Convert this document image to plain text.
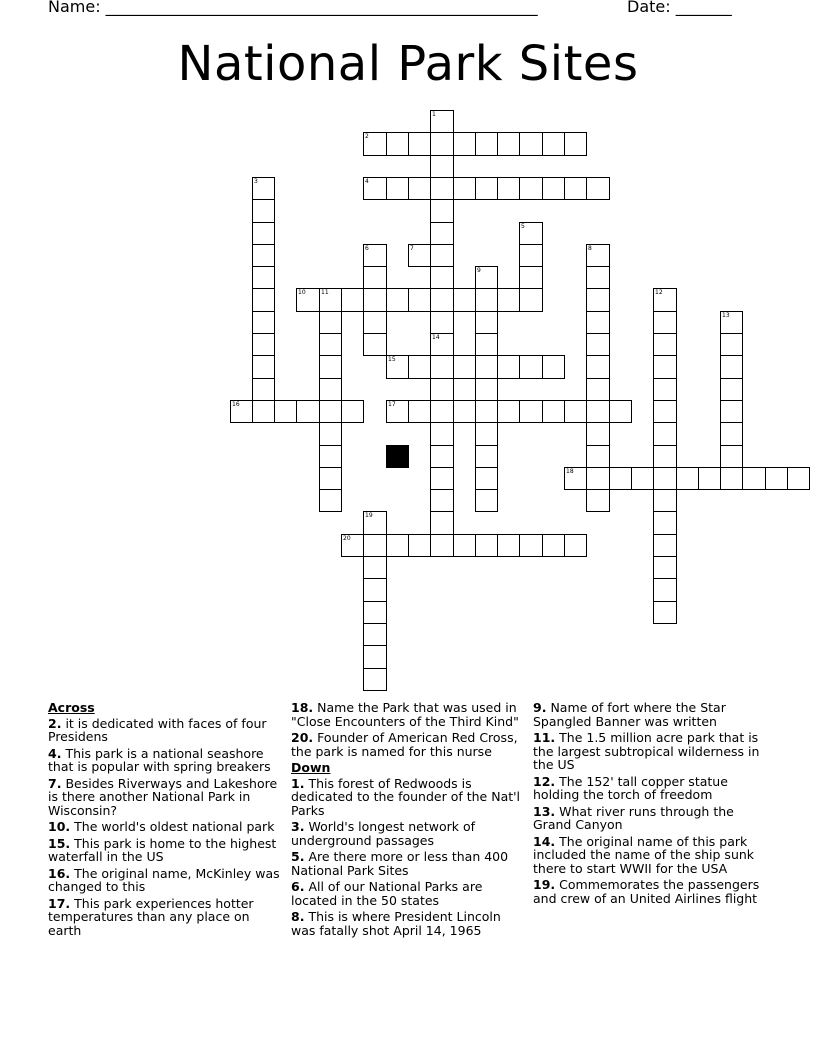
Name: ______________________________________________________	Date: _______
National Park Sites
1
14
2
3	4
5
6	7	8
9
10	11	12
13
15
16	17
18
19
20
Across
2. it is dedicated with faces of four Presidens
4. This park is a national seashore that is popular with spring breakers
7. Besides Riverways and Lakeshore is there another National Park in Wisconsin?
10. The world's oldest national park
15. This park is home to the highest waterfall in the US
16. The original name, McKinley was changed to this
17. This park experiences hotter temperatures than any place on earth
18. Name the Park that was used in "Close Encounters of the Third Kind"
20. Founder of American Red Cross, the park is named for this nurse
Down
1. This forest of Redwoods is dedicated to the founder of the Nat'l Parks
3. World's longest network of underground passages
5. Are there more or less than 400 National Park Sites
6. All of our National Parks are located in the 50 states
8. This is where President Lincoln was fatally shot April 14, 1965
9. Name of fort where the Star Spangled Banner was written
11. The 1.5 million acre park that is the largest subtropical wilderness in the US
12. The 152' tall copper statue holding the torch of freedom
13. What river runs through the Grand Canyon
14. The original name of this park included the name of the ship sunk there to start WWII for the USA
19. Commemorates the passengers and crew of an United Airlines flight
